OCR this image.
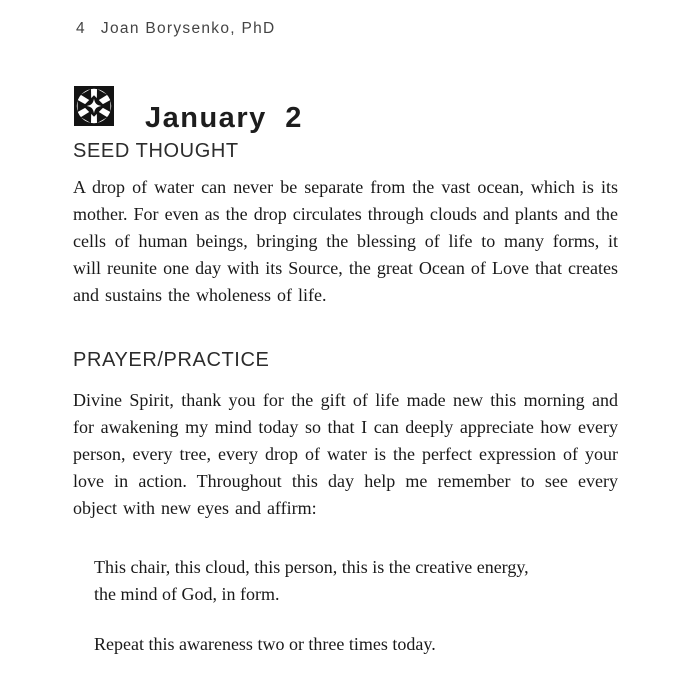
4 Joan Borysenko, PhD
January 2
SEED THOUGHT

A drop of water can never be separate from the vast ocean, which is its mother. For even as the drop circulates through clouds and plants and the cells of human beings, bringing the blessing of life to many forms, it will reunite one day with its Source, the great Ocean of Love that creates and sustains the wholeness of life.

PRAYER/PRACTICE

Divine Spirit, thank you for the gift of life made new this morning and for awakening my mind today so that I can deeply appreciate how every person, every tree, every drop of water is the perfect expression of your love in action. Throughout this day help me remember to see every object with new eyes and affirm:

This chair, this cloud, this person, this is the creative energy,
the mind of God, in form.

Repeat this awareness two or three times today.
